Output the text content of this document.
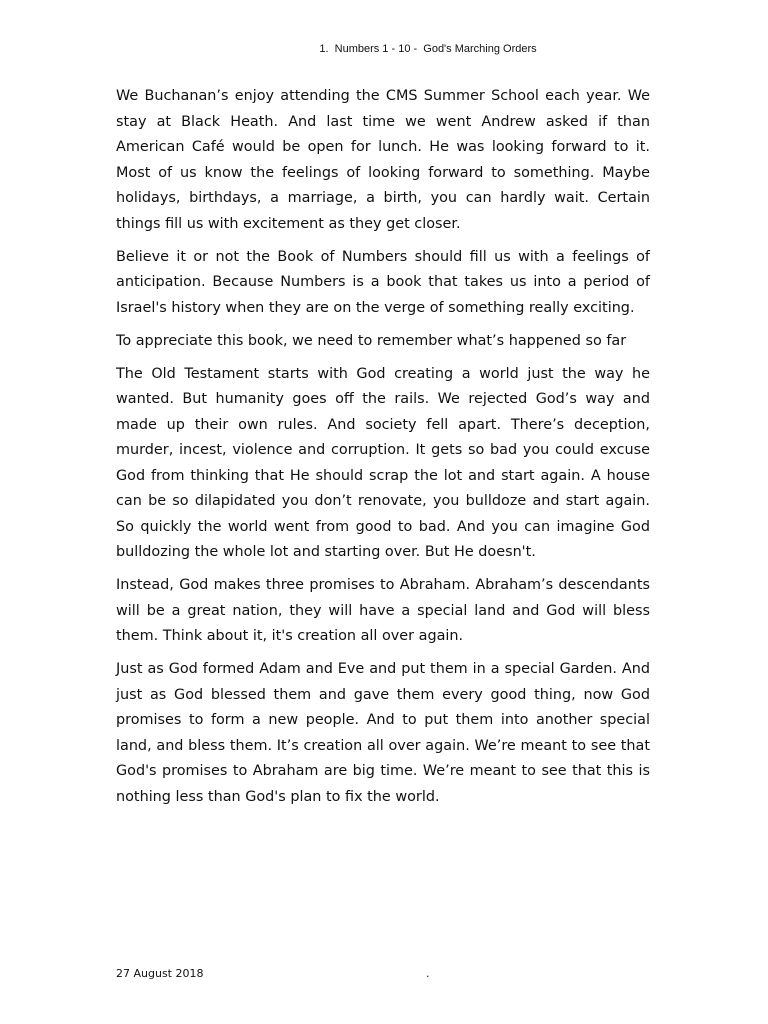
1.  Numbers 1 - 10 -  God's Marching Orders

We Buchanan’s enjoy attending the CMS Summer School each year. We stay at Black Heath. And last time we went Andrew asked if than American Café would be open for lunch. He was looking forward to it. Most of us know the feelings of looking forward to something. Maybe holidays, birthdays, a marriage, a birth, you can hardly wait. Certain things fill us with excitement as they get closer.

Believe it or not the Book of Numbers should fill us with a feelings of anticipation. Because Numbers is a book that takes us into a period of Israel's history when they are on the verge of something really exciting.

To appreciate this book, we need to remember what’s happened so far

The Old Testament starts with God creating a world just the way he wanted. But humanity goes off the rails. We rejected God’s way and made up their own rules. And society fell apart. There’s deception, murder, incest, violence and corruption. It gets so bad you could excuse God from thinking that He should scrap the lot and start again. A house can be so dilapidated you don’t renovate, you bulldoze and start again. So quickly the world went from good to bad. And you can imagine God bulldozing the whole lot and starting over. But He doesn't.

Instead, God makes three promises to Abraham. Abraham’s descendants will be a great nation, they will have a special land and God will bless them. Think about it, it's creation all over again.

Just as God formed Adam and Eve and put them in a special Garden. And just as God blessed them and gave them every good thing, now God promises to form a new people. And to put them into another special land, and bless them. It’s creation all over again. We’re meant to see that God's promises to Abraham are big time. We’re meant to see that this is nothing less than God's plan to fix the world.

27 August 2018	.
